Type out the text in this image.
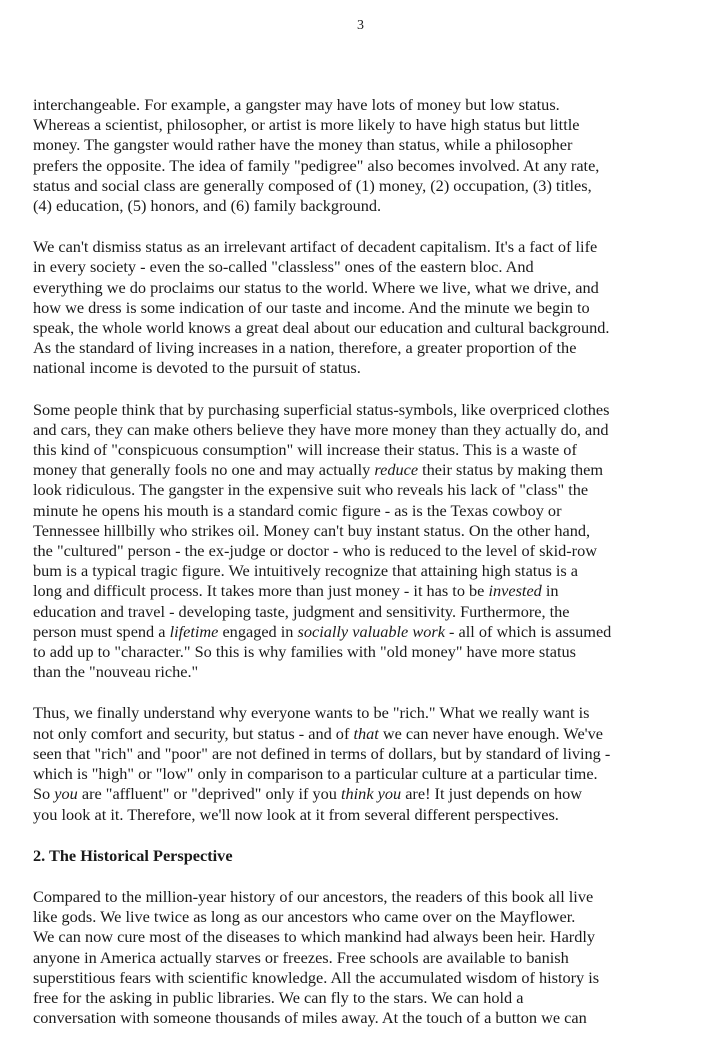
3
interchangeable. For example, a gangster may have lots of money but low status.
Whereas a scientist, philosopher, or artist is more likely to have high status but little
money. The gangster would rather have the money than status, while a philosopher
prefers the opposite. The idea of family "pedigree" also becomes involved. At any rate,
status and social class are generally composed of (1) money, (2) occupation, (3) titles,
(4) education, (5) honors, and (6) family background.
We can't dismiss status as an irrelevant artifact of decadent capitalism. It's a fact of life
in every society - even the so-called "classless" ones of the eastern bloc. And
everything we do proclaims our status to the world. Where we live, what we drive, and
how we dress is some indication of our taste and income. And the minute we begin to
speak, the whole world knows a great deal about our education and cultural background.
As the standard of living increases in a nation, therefore, a greater proportion of the
national income is devoted to the pursuit of status.
Some people think that by purchasing superficial status-symbols, like overpriced clothes
and cars, they can make others believe they have more money than they actually do, and
this kind of "conspicuous consumption" will increase their status. This is a waste of
money that generally fools no one and may actually reduce their status by making them
look ridiculous. The gangster in the expensive suit who reveals his lack of "class" the
minute he opens his mouth is a standard comic figure - as is the Texas cowboy or
Tennessee hillbilly who strikes oil. Money can't buy instant status. On the other hand,
the "cultured" person - the ex-judge or doctor - who is reduced to the level of skid-row
bum is a typical tragic figure. We intuitively recognize that attaining high status is a
long and difficult process. It takes more than just money - it has to be invested in
education and travel - developing taste, judgment and sensitivity. Furthermore, the
person must spend a lifetime engaged in socially valuable work - all of which is assumed
to add up to "character." So this is why families with "old money" have more status
than the "nouveau riche."
Thus, we finally understand why everyone wants to be "rich." What we really want is
not only comfort and security, but status - and of that we can never have enough. We've
seen that "rich" and "poor" are not defined in terms of dollars, but by standard of living -
which is "high" or "low" only in comparison to a particular culture at a particular time.
So you are "affluent" or "deprived" only if you think you are! It just depends on how
you look at it. Therefore, we'll now look at it from several different perspectives.
2. The Historical Perspective
Compared to the million-year history of our ancestors, the readers of this book all live
like gods. We live twice as long as our ancestors who came over on the Mayflower.
We can now cure most of the diseases to which mankind had always been heir. Hardly
anyone in America actually starves or freezes. Free schools are available to banish
superstitious fears with scientific knowledge. All the accumulated wisdom of history is
free for the asking in public libraries. We can fly to the stars. We can hold a
conversation with someone thousands of miles away. At the touch of a button we can
